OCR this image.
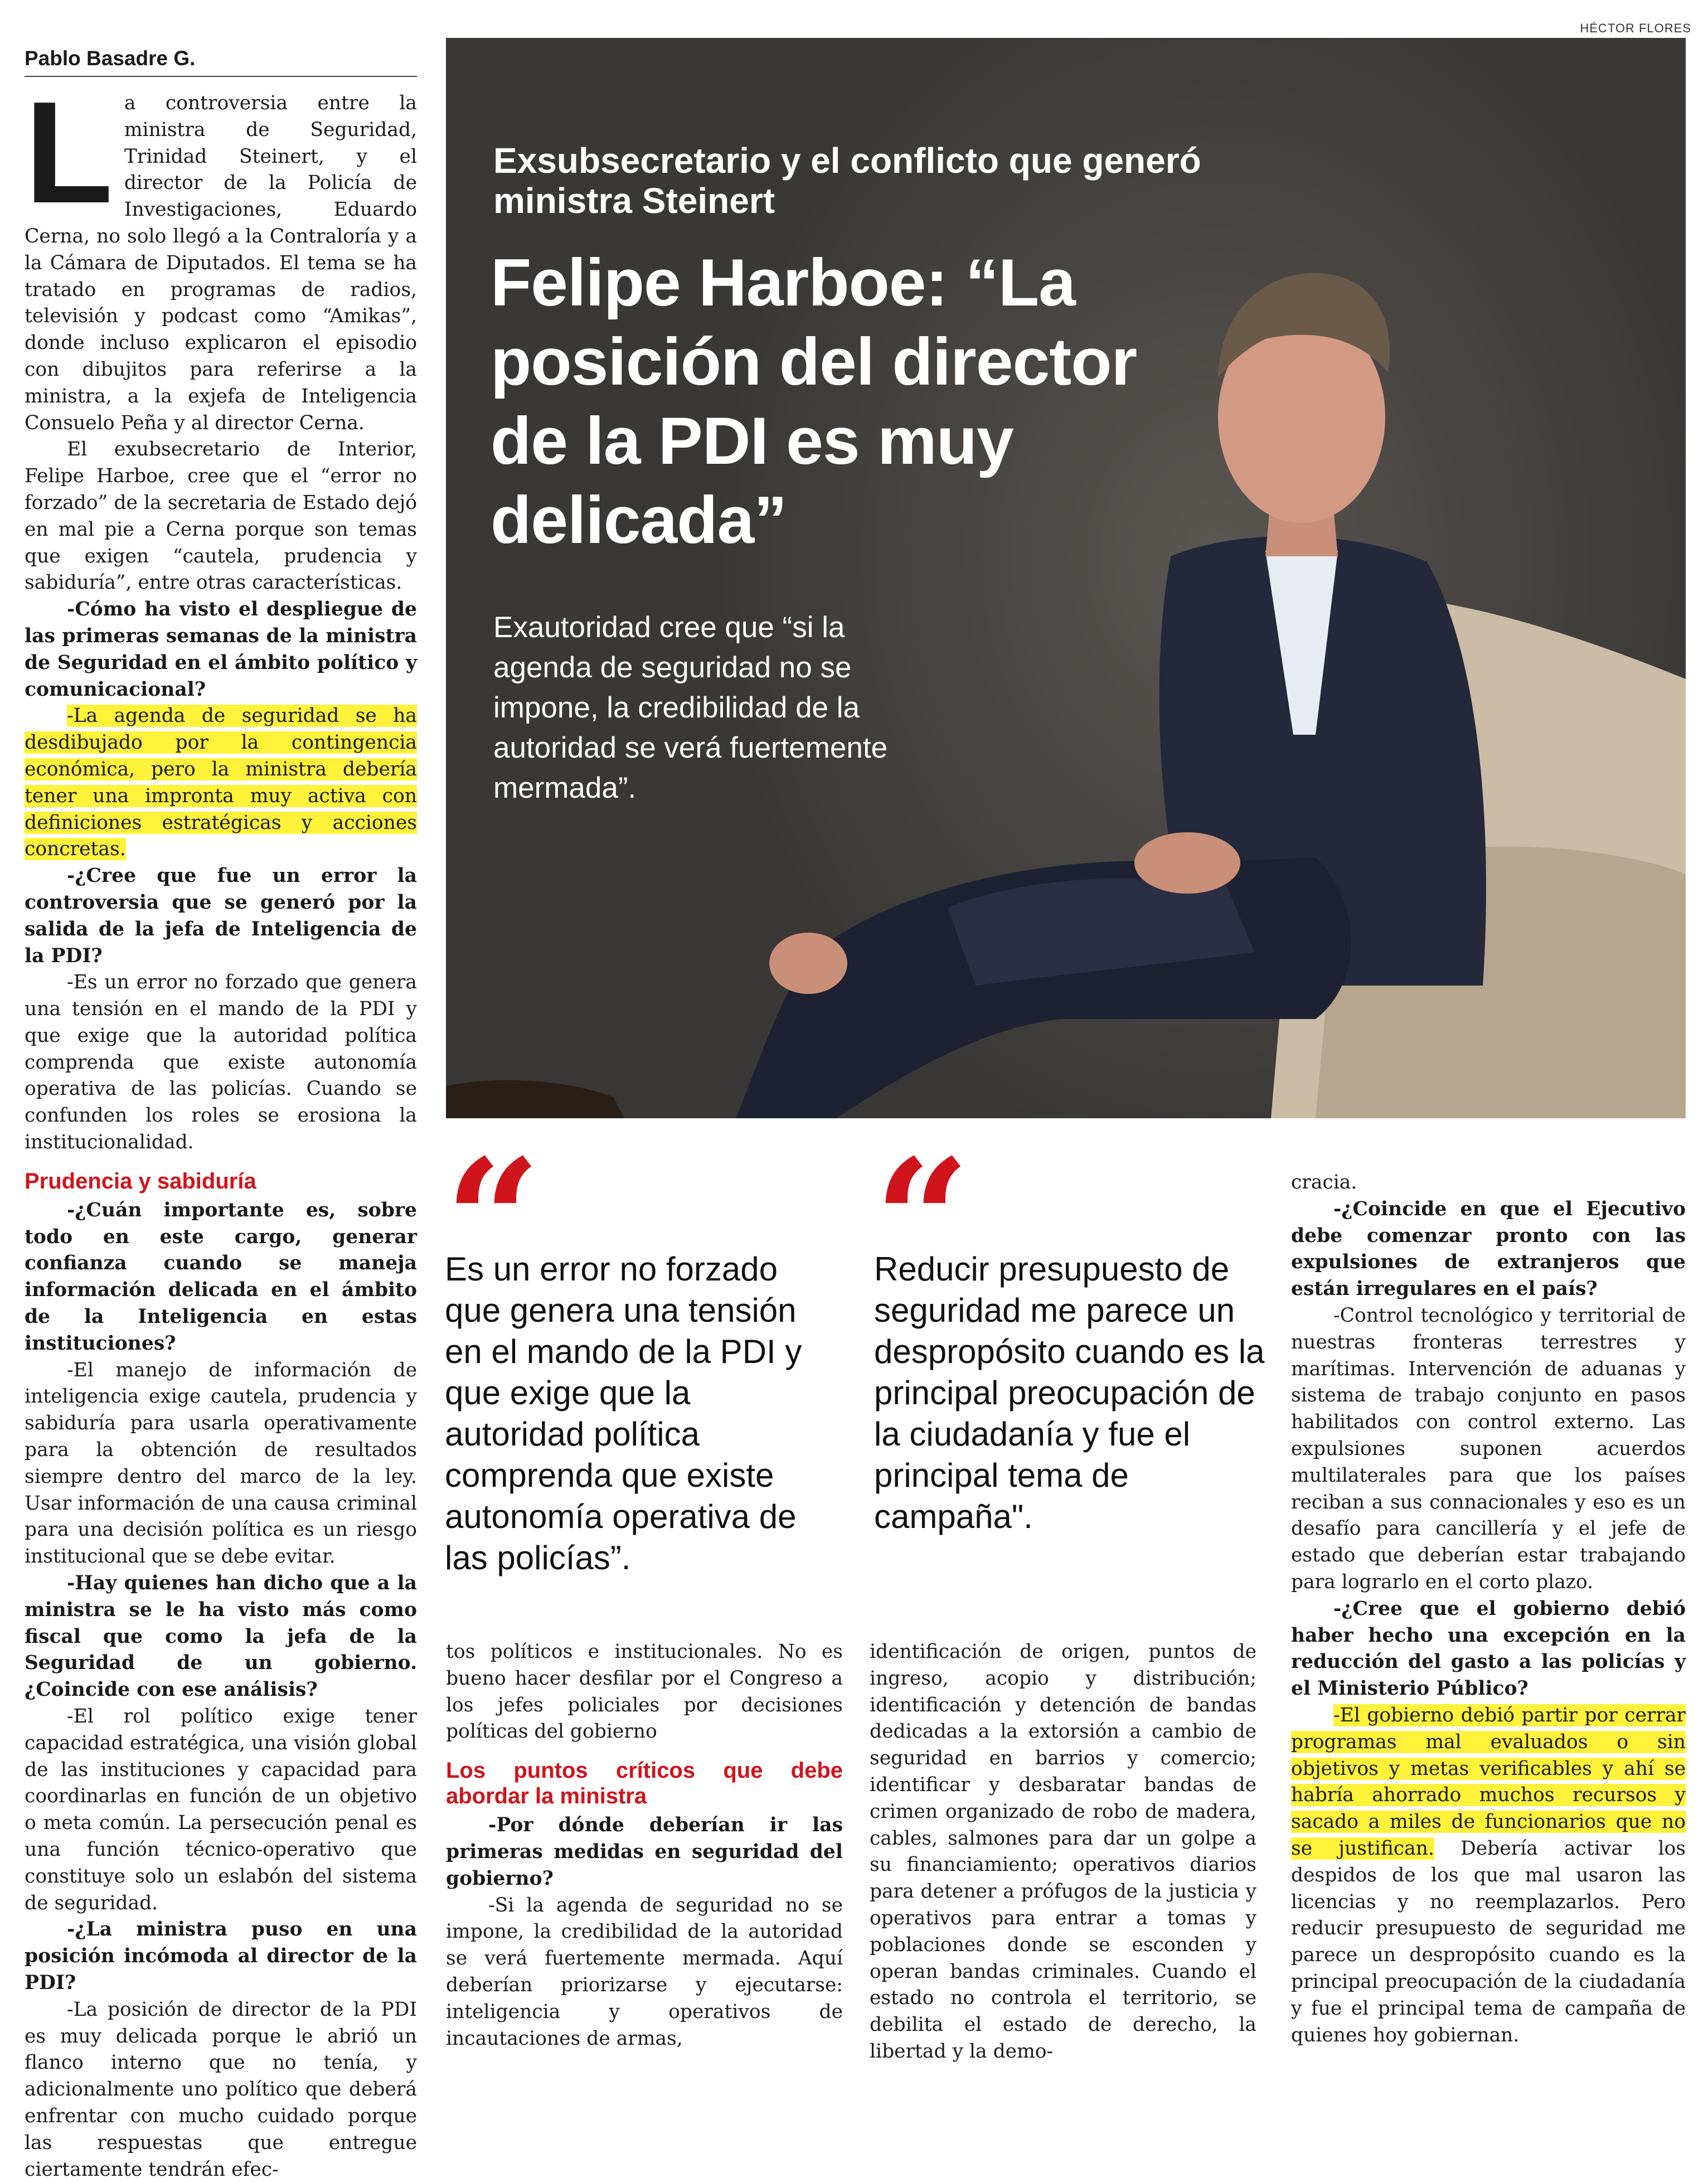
HÉCTOR FLORES
Pablo Basadre G.
Exsubsecretario y el conflicto que generó ministra Steinert
Felipe Harboe: “La posición del director de la PDI es muy delicada”
Exautoridad cree que “si la agenda de seguridad no se impone, la credibilidad de la autoridad se verá fuertemente mermada”.
L a controversia entre la ministra de Seguridad, Trinidad Steinert, y el director de la Policía de Investigaciones, Eduardo Cerna, no solo llegó a la Contraloría y a la Cámara de Diputados. El tema se ha tratado en programas de radios, televisión y podcast como “Amikas”, donde incluso explicaron el episodio con dibujitos para referirse a la ministra, a la exjefa de Inteligencia Consuelo Peña y al director Cerna.

El exubsecretario de Interior, Felipe Harboe, cree que el “error no forzado” de la secretaria de Estado dejó en mal pie a Cerna porque son temas que exigen “cautela, prudencia y sabiduría”, entre otras características.

-Cómo ha visto el despliegue de las primeras semanas de la ministra de Seguridad en el ámbito político y comunicacional?

-La agenda de seguridad se ha desdibujado por la contingencia económica, pero la ministra debería tener una impronta muy activa con definiciones estratégicas y acciones concretas.

-¿Cree que fue un error la controversia que se generó por la salida de la jefa de Inteligencia de la PDI?

-Es un error no forzado que genera una tensión en el mando de la PDI y que exige que la autoridad política comprenda que existe autonomía operativa de las policías. Cuando se confunden los roles se erosiona la institucionalidad.

Prudencia y sabiduría

-¿Cuán importante es, sobre todo en este cargo, generar confianza cuando se maneja información delicada en el ámbito de la Inteligencia en estas instituciones?

-El manejo de información de inteligencia exige cautela, prudencia y sabiduría para usarla operativamente para la obtención de resultados siempre dentro del marco de la ley. Usar información de una causa criminal para una decisión política es un riesgo institucional que se debe evitar.

-Hay quienes han dicho que a la ministra se le ha visto más como fiscal que como la jefa de la Seguridad de un gobierno. ¿Coincide con ese análisis?

-El rol político exige tener capacidad estratégica, una visión global de las instituciones y capacidad para coordinarlas en función de un objetivo o meta común. La persecución penal es una función técnico-operativo que constituye solo un eslabón del sistema de seguridad.

-¿La ministra puso en una posición incómoda al director de la PDI?

-La posición de director de la PDI es muy delicada porque le abrió un flanco interno que no tenía, y adicionalmente uno político que deberá enfrentar con mucho cuidado porque las respuestas que entregue ciertamente tendrán efec-

“
Es un error no forzado que genera una tensión en el mando de la PDI y que exige que la autoridad política comprenda que existe autonomía operativa de las policías”.
“
Reducir presupuesto de seguridad me parece un despropósito cuando es la principal preocupación de la ciudadanía y fue el principal tema de campaña".

tos políticos e institucionales. No es bueno hacer desfilar por el Congreso a los jefes policiales por decisiones políticas del gobierno

Los puntos críticos que debe abordar la ministra

-Por dónde deberían ir las primeras medidas en seguridad del gobierno?

-Si la agenda de seguridad no se impone, la credibilidad de la autoridad se verá fuertemente mermada. Aquí deberían priorizarse y ejecutarse: inteligencia y operativos de incautaciones de armas,

identificación de origen, puntos de ingreso, acopio y distribución; identificación y detención de bandas dedicadas a la extorsión a cambio de seguridad en barrios y comercio; identificar y desbaratar bandas de crimen organizado de robo de madera, cables, salmones para dar un golpe a su financiamiento; operativos diarios para detener a prófugos de la justicia y operativos para entrar a tomas y poblaciones donde se esconden y operan bandas criminales. Cuando el estado no controla el territorio, se debilita el estado de derecho, la libertad y la demo-

cracia.

-¿Coincide en que el Ejecutivo debe comenzar pronto con las expulsiones de extranjeros que están irregulares en el país?

-Control tecnológico y territorial de nuestras fronteras terrestres y marítimas. Intervención de aduanas y sistema de trabajo conjunto en pasos habilitados con control externo. Las expulsiones suponen acuerdos multilaterales para que los países reciban a sus connacionales y eso es un desafío para cancillería y el jefe de estado que deberían estar trabajando para lograrlo en el corto plazo.

-¿Cree que el gobierno debió haber hecho una excepción en la reducción del gasto a las policías y el Ministerio Público?

-El gobierno debió partir por cerrar programas mal evaluados o sin objetivos y metas verificables y ahí se habría ahorrado muchos recursos y sacado a miles de funcionarios que no se justifican. Debería activar los despidos de los que mal usaron las licencias y no reemplazarlos. Pero reducir presupuesto de seguridad me parece un despropósito cuando es la principal preocupación de la ciudadanía y fue el principal tema de campaña de quienes hoy gobiernan.
